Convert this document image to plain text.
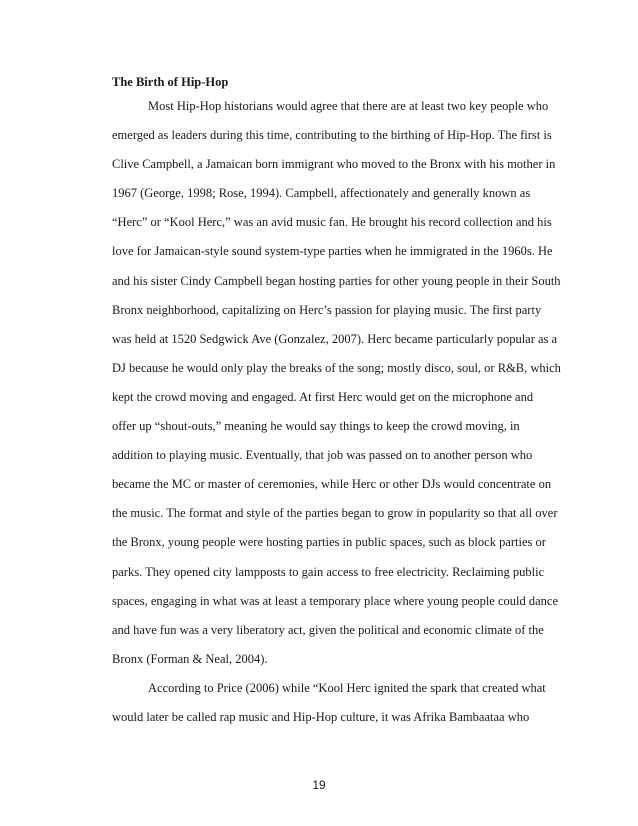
The Birth of Hip-Hop
Most Hip-Hop historians would agree that there are at least two key people who
emerged as leaders during this time, contributing to the birthing of Hip-Hop. The first is
Clive Campbell, a Jamaican born immigrant who moved to the Bronx with his mother in
1967 (George, 1998; Rose, 1994). Campbell, affectionately and generally known as
“Herc” or “Kool Herc,” was an avid music fan. He brought his record collection and his
love for Jamaican-style sound system-type parties when he immigrated in the 1960s. He
and his sister Cindy Campbell began hosting parties for other young people in their South
Bronx neighborhood, capitalizing on Herc’s passion for playing music. The first party
was held at 1520 Sedgwick Ave (Gonzalez, 2007). Herc became particularly popular as a
DJ because he would only play the breaks of the song; mostly disco, soul, or R&B, which
kept the crowd moving and engaged. At first Herc would get on the microphone and
offer up “shout-outs,” meaning he would say things to keep the crowd moving, in
addition to playing music. Eventually, that job was passed on to another person who
became the MC or master of ceremonies, while Herc or other DJs would concentrate on
the music. The format and style of the parties began to grow in popularity so that all over
the Bronx, young people were hosting parties in public spaces, such as block parties or
parks. They opened city lampposts to gain access to free electricity. Reclaiming public
spaces, engaging in what was at least a temporary place where young people could dance
and have fun was a very liberatory act, given the political and economic climate of the
Bronx (Forman & Neal, 2004).
According to Price (2006) while “Kool Herc ignited the spark that created what
would later be called rap music and Hip-Hop culture, it was Afrika Bambaataa who
19
